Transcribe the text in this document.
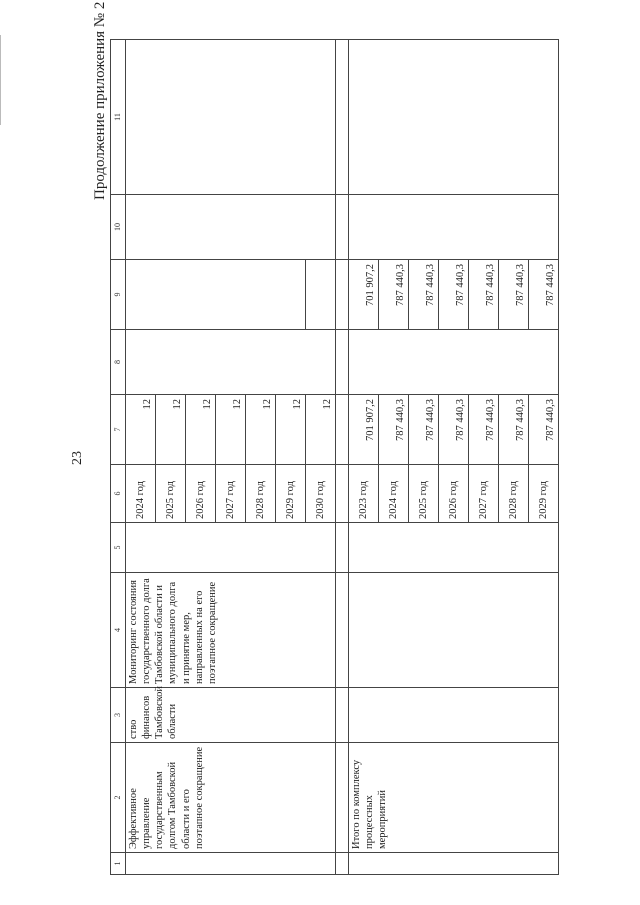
23
Продолжение приложения № 2
1	2	3	4	5	6	7	8	9	10	11
	Эффективное управление государственным долгом Тамбовской области и его поэтапное сокращение	ство финансов Тамбовской области	Мониторинг состояния государственного долга Тамбовской области и муниципального долга и принятие мер, направленных на его поэтапное сокращение		2024 год	12				
					2025 год	12				
					2026 год	12				
					2027 год	12				
					2028 год	12				
					2029 год	12				
					2030 год	12				

	Итого по комплексу процессных мероприятий				2023 год	701 907,2		701 907,2		
					2024 год	787 440,3		787 440,3		
					2025 год	787 440,3		787 440,3		
					2026 год	787 440,3		787 440,3		
					2027 год	787 440,3		787 440,3		
					2028 год	787 440,3		787 440,3		
					2029 год	787 440,3		787 440,3		
